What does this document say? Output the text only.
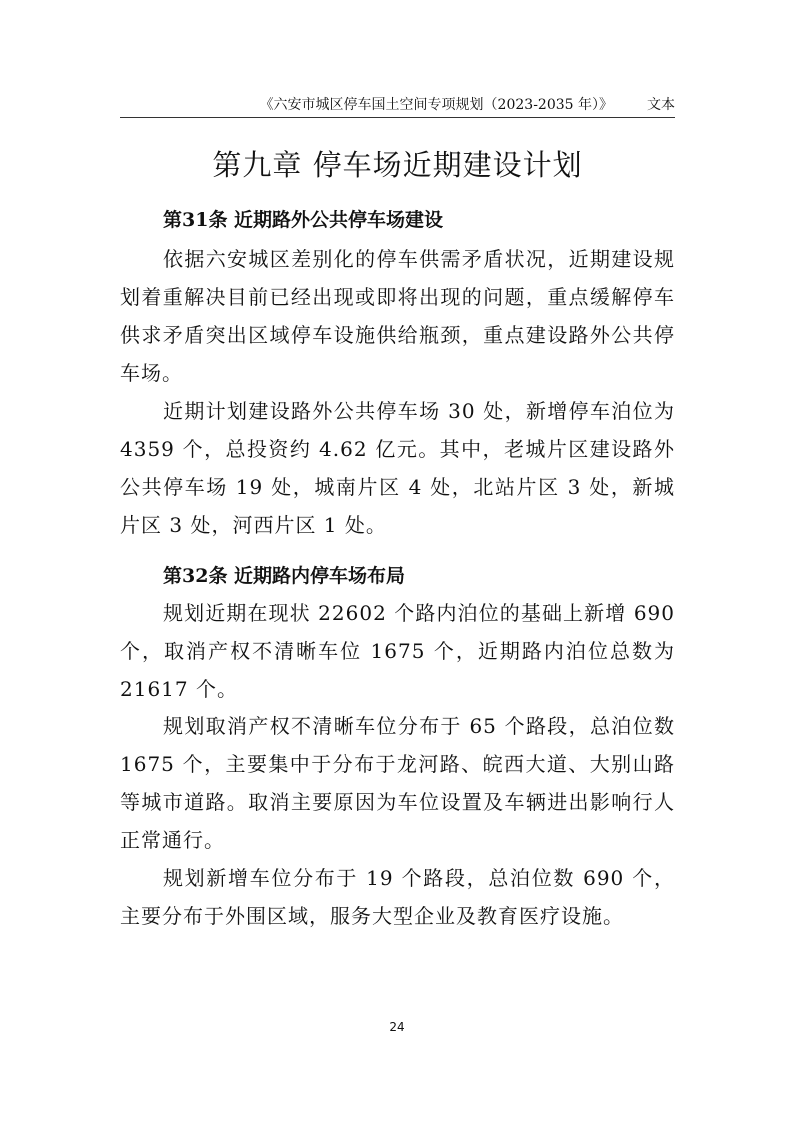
《六安市城区停车国土空间专项规划（2023-2035 年）》 文本
第九章 停车场近期建设计划
第31条 近期路外公共停车场建设
依据六安城区差别化的停车供需矛盾状况，近期建设规划着重解决目前已经出现或即将出现的问题，重点缓解停车供求矛盾突出区域停车设施供给瓶颈，重点建设路外公共停车场。
近期计划建设路外公共停车场 30 处，新增停车泊位为 4359 个，总投资约 4.62 亿元。其中，老城片区建设路外公共停车场 19 处，城南片区 4 处，北站片区 3 处，新城片区 3 处，河西片区 1 处。
第32条 近期路内停车场布局
规划近期在现状 22602 个路内泊位的基础上新增 690 个，取消产权不清晰车位 1675 个，近期路内泊位总数为 21617 个。
规划取消产权不清晰车位分布于 65 个路段，总泊位数 1675 个，主要集中于分布于龙河路、皖西大道、大别山路等城市道路。取消主要原因为车位设置及车辆进出影响行人正常通行。
规划新增车位分布于 19 个路段，总泊位数 690 个，主要分布于外围区域，服务大型企业及教育医疗设施。
24
